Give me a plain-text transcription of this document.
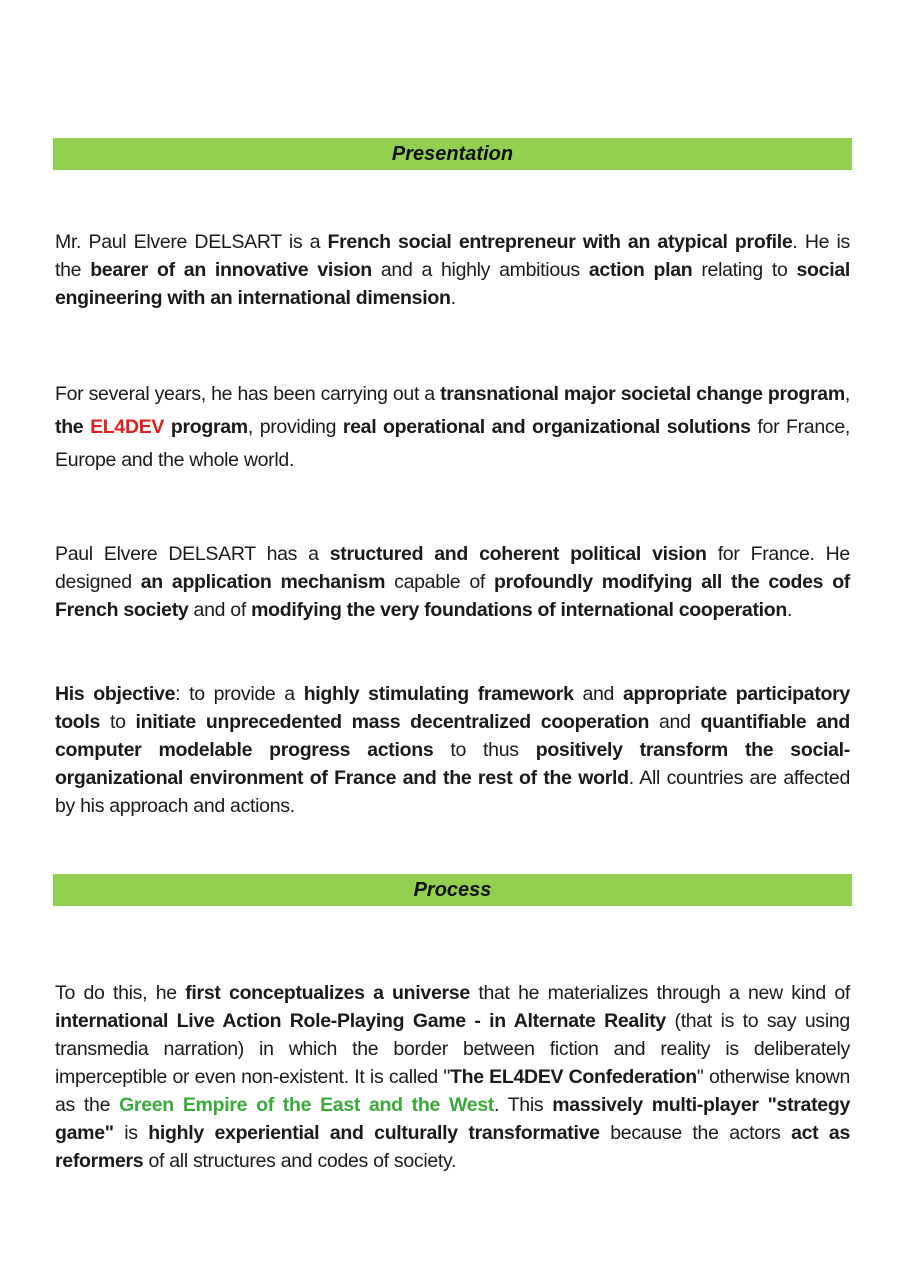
Presentation

Mr. Paul Elvere DELSART is a French social entrepreneur with an atypical profile. He is the bearer of an innovative vision and a highly ambitious action plan relating to social engineering with an international dimension.

For several years, he has been carrying out a transnational major societal change program, the EL4DEV program, providing real operational and organizational solutions for France, Europe and the whole world.

Paul Elvere DELSART has a structured and coherent political vision for France. He designed an application mechanism capable of profoundly modifying all the codes of French society and of modifying the very foundations of international cooperation.

His objective: to provide a highly stimulating framework and appropriate participatory tools to initiate unprecedented mass decentralized cooperation and quantifiable and computer modelable progress actions to thus positively transform the social-organizational environment of France and the rest of the world. All countries are affected by his approach and actions.

Process

To do this, he first conceptualizes a universe that he materializes through a new kind of international Live Action Role-Playing Game - in Alternate Reality (that is to say using transmedia narration) in which the border between fiction and reality is deliberately imperceptible or even non-existent. It is called "The EL4DEV Confederation" otherwise known as the Green Empire of the East and the West. This massively multi-player "strategy game" is highly experiential and culturally transformative because the actors act as reformers of all structures and codes of society.
